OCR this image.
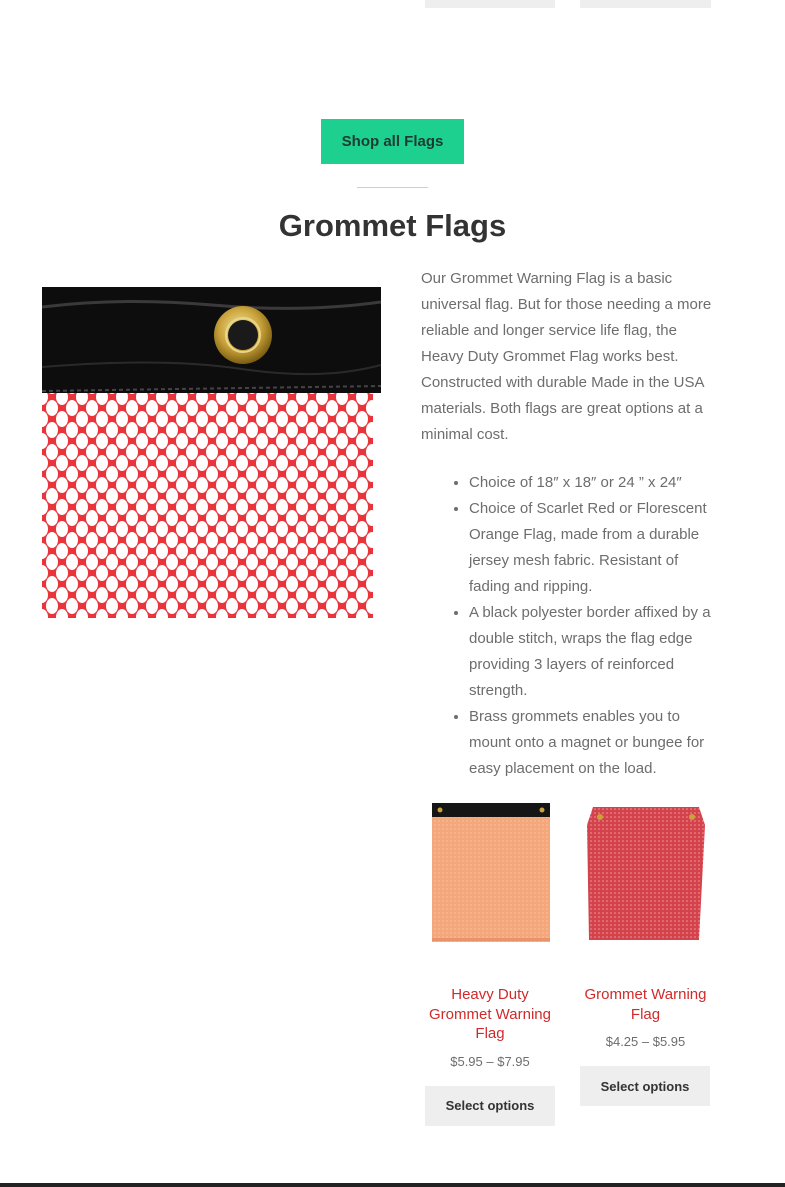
Shop all Flags
Grommet Flags

Our Grommet Warning Flag is a basic universal flag. But for those needing a more reliable and longer service life flag, the Heavy Duty Grommet Flag works best. Constructed with durable Made in the USA materials. Both flags are great options at a minimal cost.

• Choice of 18″ x 18″ or 24 ” x 24″
• Choice of Scarlet Red or Florescent Orange Flag, made from a durable jersey mesh fabric. Resistant of fading and ripping.
• A black polyester border affixed by a double stitch, wraps the flag edge providing 3 layers of reinforced strength.
• Brass grommets enables you to mount onto a magnet or bungee for easy placement on the load.
Heavy Duty Grommet Warning Flag
$5.95 – $7.95
Select options
Grommet Warning Flag
$4.25 – $5.95
Select options
